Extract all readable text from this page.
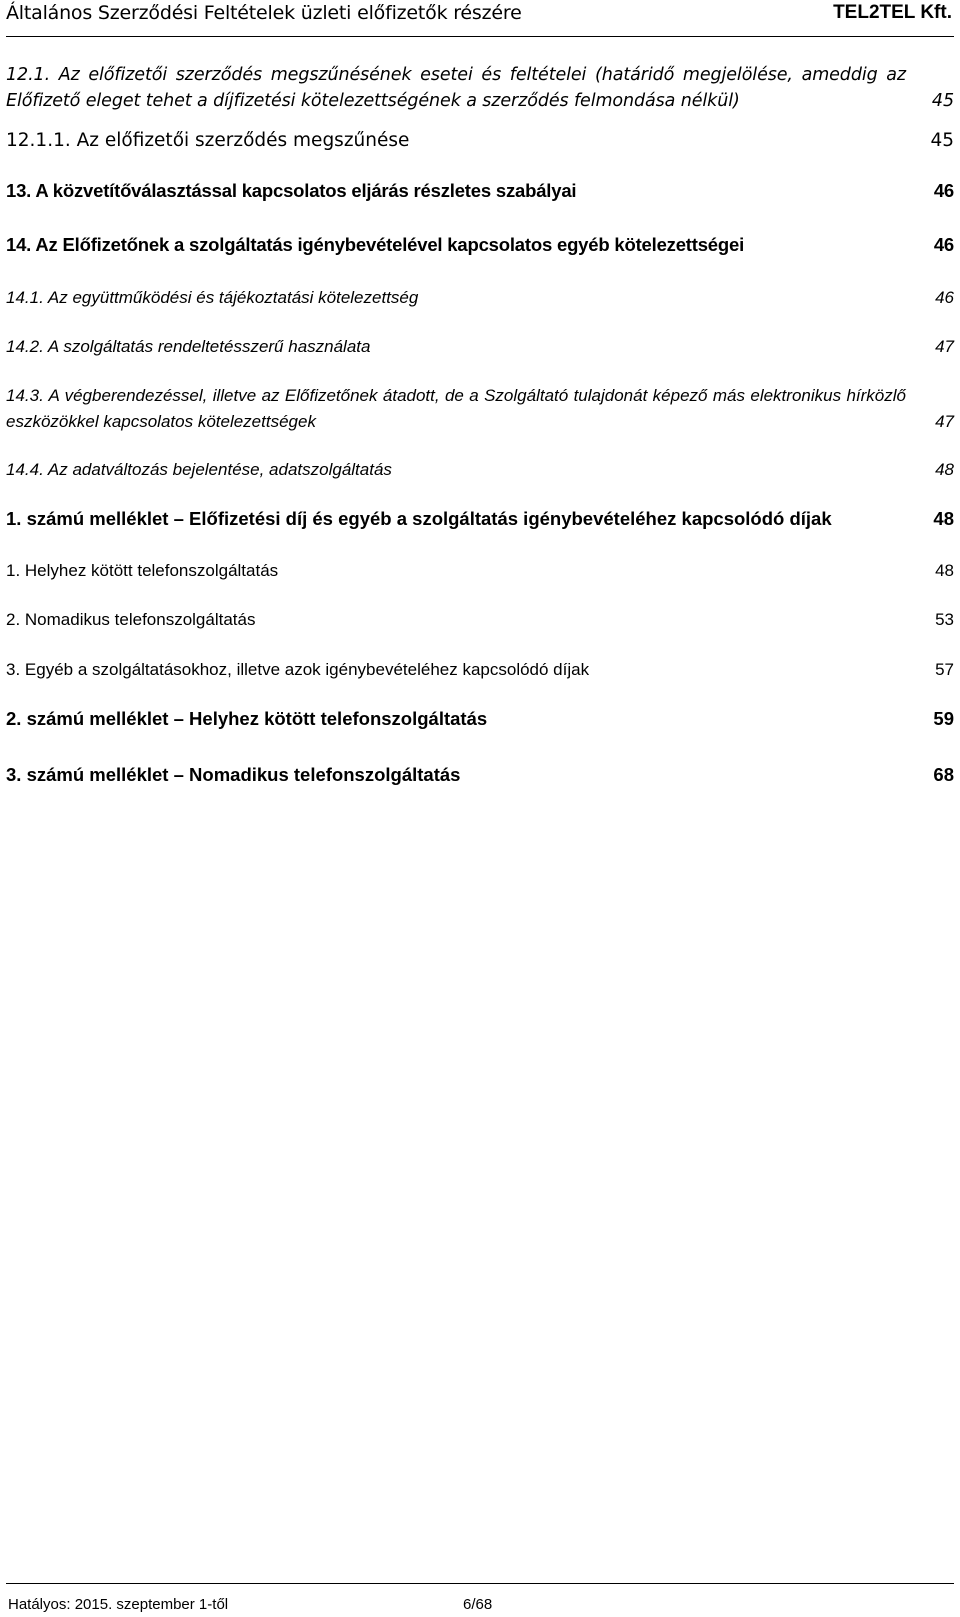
Általános Szerződési Feltételek üzleti előfizetők részére	TEL2TEL Kft.
12.1. Az előfizetői szerződés megszűnésének esetei és feltételei (határidő megjelölése, ameddig az Előfizető eleget tehet a díjfizetési kötelezettségének a szerződés felmondása nélkül)	45
12.1.1. Az előfizetői szerződés megszűnése	45
13. A közvetítőválasztással kapcsolatos eljárás részletes szabályai	46
14. Az Előfizetőnek a szolgáltatás igénybevételével kapcsolatos egyéb kötelezettségei	46
14.1. Az együttműködési és tájékoztatási kötelezettség	46
14.2. A szolgáltatás rendeltetésszerű használata	47
14.3. A végberendezéssel, illetve az Előfizetőnek átadott, de a Szolgáltató tulajdonát képező más elektronikus hírközlő eszközökkel kapcsolatos kötelezettségek	47
14.4. Az adatváltozás bejelentése, adatszolgáltatás	48
1. számú melléklet – Előfizetési díj és egyéb a szolgáltatás igénybevételéhez kapcsolódó díjak	48
1. Helyhez kötött telefonszolgáltatás	48
2. Nomadikus telefonszolgáltatás	53
3. Egyéb a szolgáltatásokhoz, illetve azok igénybevételéhez kapcsolódó díjak	57
2. számú melléklet – Helyhez kötött telefonszolgáltatás	59
3. számú melléklet – Nomadikus telefonszolgáltatás	68
Hatályos: 2015. szeptember 1-től	6/68
